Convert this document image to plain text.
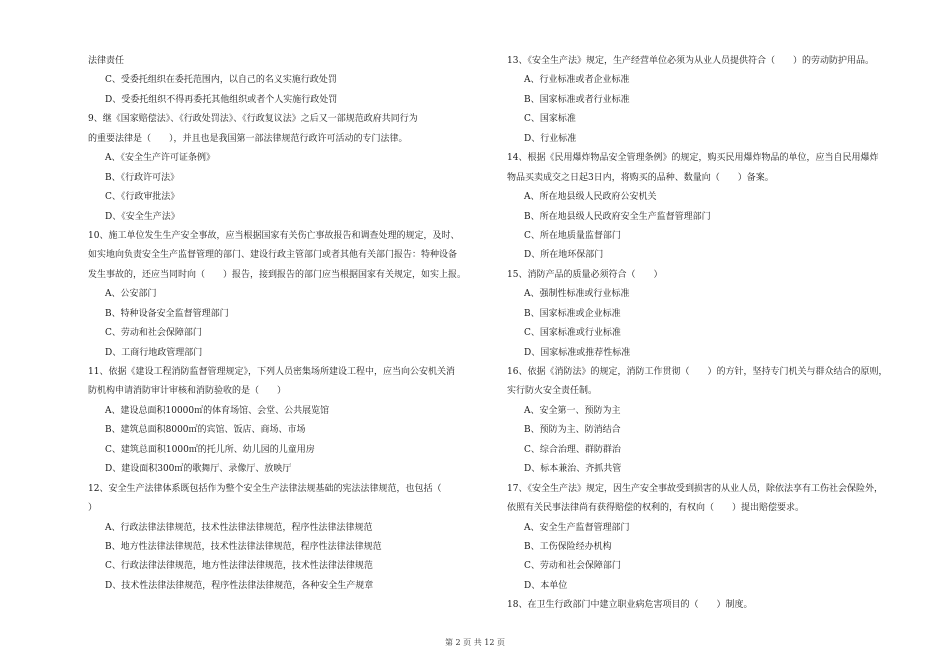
法律责任
C、受委托组织在委托范围内，以自己的名义实施行政处罚
D、受委托组织不得再委托其他组织或者个人实施行政处罚
9、继《国家赔偿法》、《行政处罚法》、《行政复议法》之后又一部规范政府共同行为
的重要法律是（　　），并且也是我国第一部法律规范行政许可活动的专门法律。
A、《安全生产许可证条例》
B、《行政许可法》
C、《行政审批法》
D、《安全生产法》
10、施工单位发生生产安全事故，应当根据国家有关伤亡事故报告和调查处理的规定，及时、
如实地向负责安全生产监督管理的部门、建设行政主管部门或者其他有关部门报告：特种设备
发生事故的，还应当同时向（　　）报告，接到报告的部门应当根据国家有关规定，如实上报。
A、公安部门
B、特种设备安全监督管理部门
C、劳动和社会保障部门
D、工商行地政管理部门
11、依据《建设工程消防监督管理规定》，下列人员密集场所建设工程中，应当向公安机关消
防机构申请消防审计审核和消防验收的是（　　）
A、建设总面积10000㎡的体育场馆、会堂、公共展览馆
B、建筑总面积8000㎡的宾馆、饭店、商场、市场
C、建筑总面积1000㎡的托儿所、幼儿园的儿童用房
D、建设面积300㎡的歌舞厅、录像厅、放映厅
12、安全生产法律体系既包括作为整个安全生产法律法规基础的宪法法律规范，也包括（
）
A、行政法律法律规范，技术性法律法律规范，程序性法律法律规范
B、地方性法律法律规范，技术性法律法律规范，程序性法律法律规范
C、行政法律法律规范，地方性法律法律规范，技术性法律法律规范
D、技术性法律法律规范，程序性法律法律规范，各种安全生产规章
13、《安全生产法》规定，生产经营单位必须为从业人员提供符合（　　）的劳动防护用品。
A、行业标准或者企业标准
B、国家标准或者行业标准
C、国家标准
D、行业标准
14、根据《民用爆炸物品安全管理条例》的规定，购买民用爆炸物品的单位，应当自民用爆炸
物品买卖成交之日起3日内，将购买的品种、数量向（　　）备案。
A、所在地县级人民政府公安机关
B、所在地县级人民政府安全生产监督管理部门
C、所在地质量监督部门
D、所在地环保部门
15、消防产品的质量必须符合（　　）
A、强制性标准或行业标准
B、国家标准或企业标准
C、国家标准或行业标准
D、国家标准或推荐性标准
16、依据《消防法》的规定，消防工作贯彻（　　）的方针，坚持专门机关与群众结合的原则，
实行防火安全责任制。
A、安全第一、预防为主
B、预防为主、防消结合
C、综合治理、群防群治
D、标本兼治、齐抓共管
17、《安全生产法》规定，因生产安全事故受到损害的从业人员，除依法享有工伤社会保险外，
依照有关民事法律尚有获得赔偿的权利的，有权向（　　）提出赔偿要求。
A、安全生产监督管理部门
B、工伤保险经办机构
C、劳动和社会保障部门
D、本单位
18、在卫生行政部门中建立职业病危害项目的（　　）制度。
第 2 页 共 12 页
